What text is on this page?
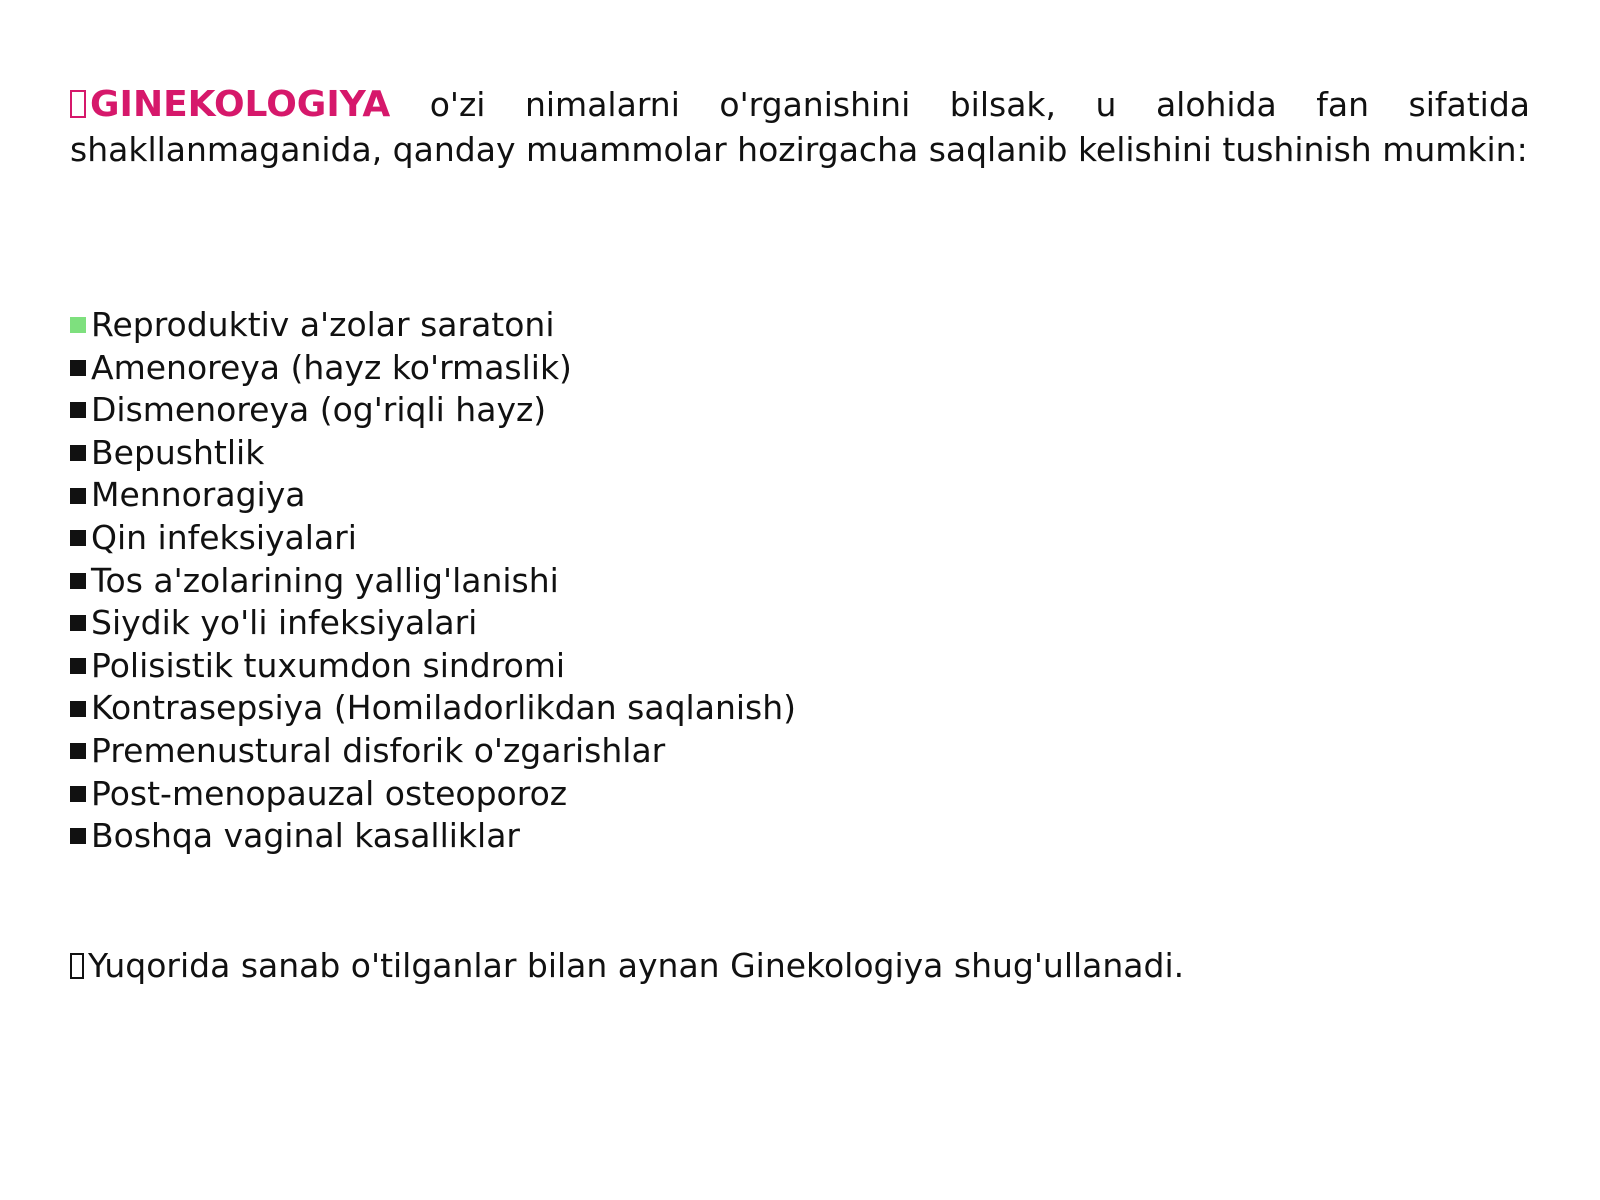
GINEKOLOGIYA o'zi nimalarni o'rganishini bilsak, u alohida fan sifatida shakllanmaganida, qanday muammolar hozirgacha saqlanib kelishini tushinish mumkin:

Reproduktiv a'zolar saratoni
Amenoreya (hayz ko'rmaslik)
Dismenoreya (og'riqli hayz)
Bepushtlik
Mennoragiya
Qin infeksiyalari
Tos a'zolarining yallig'lanishi
Siydik yo'li infeksiyalari
Polisistik tuxumdon sindromi
Kontrasepsiya (Homiladorlikdan saqlanish)
Premenustural disforik o'zgarishlar
Post-menopauzal osteoporoz
Boshqa vaginal kasalliklar

Yuqorida sanab o'tilganlar bilan aynan Ginekologiya shug'ullanadi.
